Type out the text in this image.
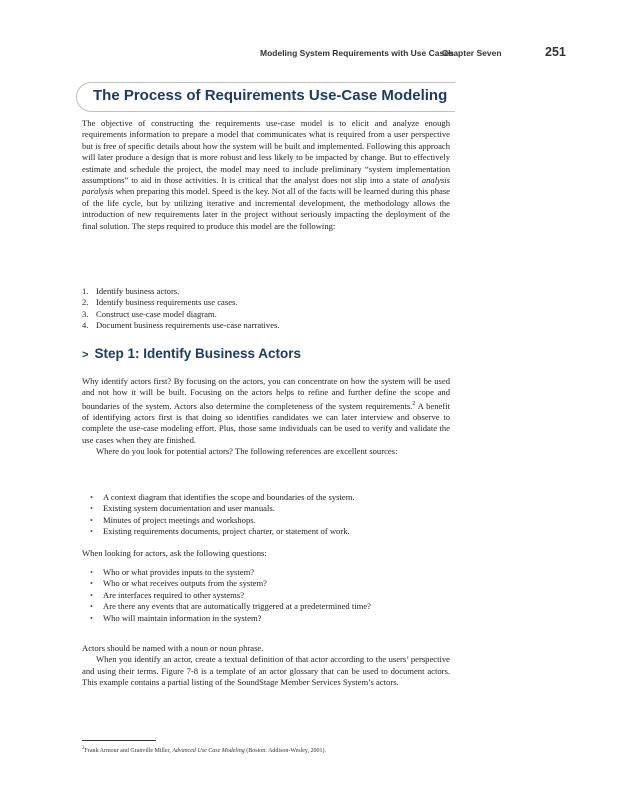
Modeling System Requirements with Use Cases
Chapter Seven	251
The Process of Requirements Use-Case Modeling

The objective of constructing the requirements use-case model is to elicit and analyze enough requirements information to prepare a model that communicates what is required from a user perspective but is free of specific details about how the system will be built and implemented. Following this approach will later produce a design that is more robust and less likely to be impacted by change. But to effectively estimate and schedule the project, the model may need to include preliminary “system implementation assumptions” to aid in those activities. It is critical that the analyst does not slip into a state of analysis paralysis when preparing this model. Speed is the key. Not all of the facts will be learned during this phase of the life cycle, but by utilizing iterative and incremental development, the methodology allows the introduction of new requirements later in the project without seriously impacting the deployment of the final solution. The steps required to produce this model are the following:

1. Identify business actors.
2. Identify business requirements use cases.
3. Construct use-case model diagram.
4. Document business requirements use-case narratives.
> Step 1: Identify Business Actors

Why identify actors first? By focusing on the actors, you can concentrate on how the system will be used and not how it will be built. Focusing on the actors helps to refine and further define the scope and boundaries of the system. Actors also determine the completeness of the system requirements.$^2$ A benefit of identifying actors first is that doing so identifies candidates we can later interview and observe to complete the use-case modeling effort. Plus, those same individuals can be used to verify and validate the use cases when they are finished.

Where do you look for potential actors? The following references are excellent sources:

• A context diagram that identifies the scope and boundaries of the system.
• Existing system documentation and user manuals.
• Minutes of project meetings and workshops.
• Existing requirements documents, project charter, or statement of work.

When looking for actors, ask the following questions:

• Who or what provides inputs to the system?
• Who or what receives outputs from the system?
• Are interfaces required to other systems?
• Are there any events that are automatically triggered at a predetermined time?
• Who will maintain information in the system?

Actors should be named with a noun or noun phrase.

When you identify an actor, create a textual definition of that actor according to the users’ perspective and using their terms. Figure 7-8 is a template of an actor glossary that can be used to document actors. This example contains a partial listing of the SoundStage Member Services System’s actors.

$^2$Frank Armour and Granville Miller, Advanced Use Case Modeling (Boston: Addison-Wesley, 2001).
